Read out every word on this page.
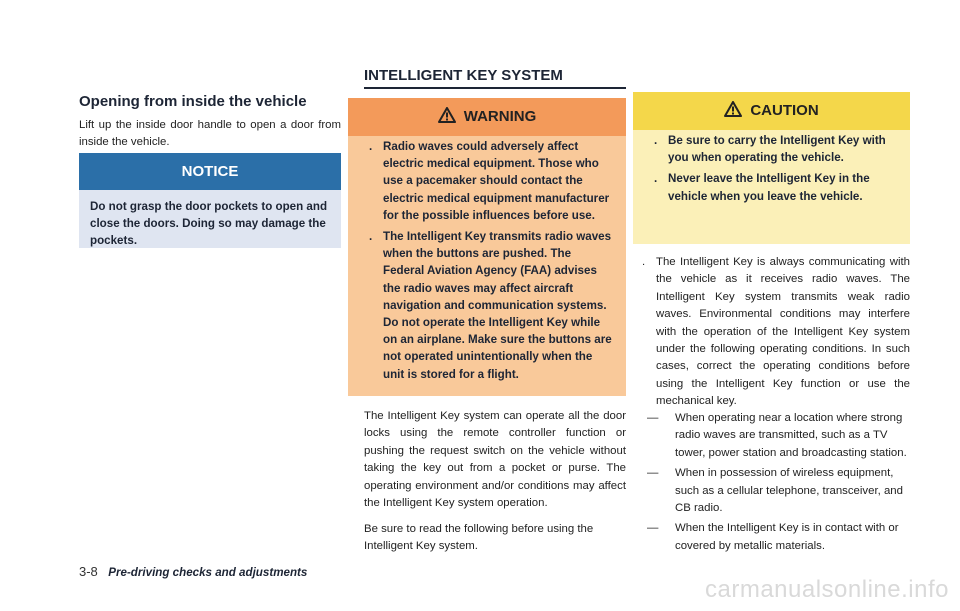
Opening from inside the vehicle
Lift up the inside door handle to open a door from inside the vehicle.
NOTICE
Do not grasp the door pockets to open and close the doors. Doing so may damage the pockets.
INTELLIGENT KEY SYSTEM
WARNING
. Radio waves could adversely affect electric medical equipment. Those who use a pacemaker should contact the electric medical equipment manufacturer for the possible influences before use.
. The Intelligent Key transmits radio waves when the buttons are pushed. The Federal Aviation Agency (FAA) advises the radio waves may affect aircraft navigation and communication systems. Do not operate the Intelligent Key while on an airplane. Make sure the buttons are not operated unintentionally when the unit is stored for a flight.
The Intelligent Key system can operate all the door locks using the remote controller function or pushing the request switch on the vehicle without taking the key out from a pocket or purse. The operating environment and/or conditions may affect the Intelligent Key system operation.
Be sure to read the following before using the Intelligent Key system.
CAUTION
. Be sure to carry the Intelligent Key with you when operating the vehicle.
. Never leave the Intelligent Key in the vehicle when you leave the vehicle.
. The Intelligent Key is always communicating with the vehicle as it receives radio waves. The Intelligent Key system transmits weak radio waves. Environmental conditions may interfere with the operation of the Intelligent Key system under the following operating conditions. In such cases, correct the operating conditions before using the Intelligent Key function or use the mechanical key.
— When operating near a location where strong radio waves are transmitted, such as a TV tower, power station and broadcasting station.
— When in possession of wireless equipment, such as a cellular telephone, transceiver, and CB radio.
— When the Intelligent Key is in contact with or covered by metallic materials.
3-8 Pre-driving checks and adjustments
carmanualsonline.info
